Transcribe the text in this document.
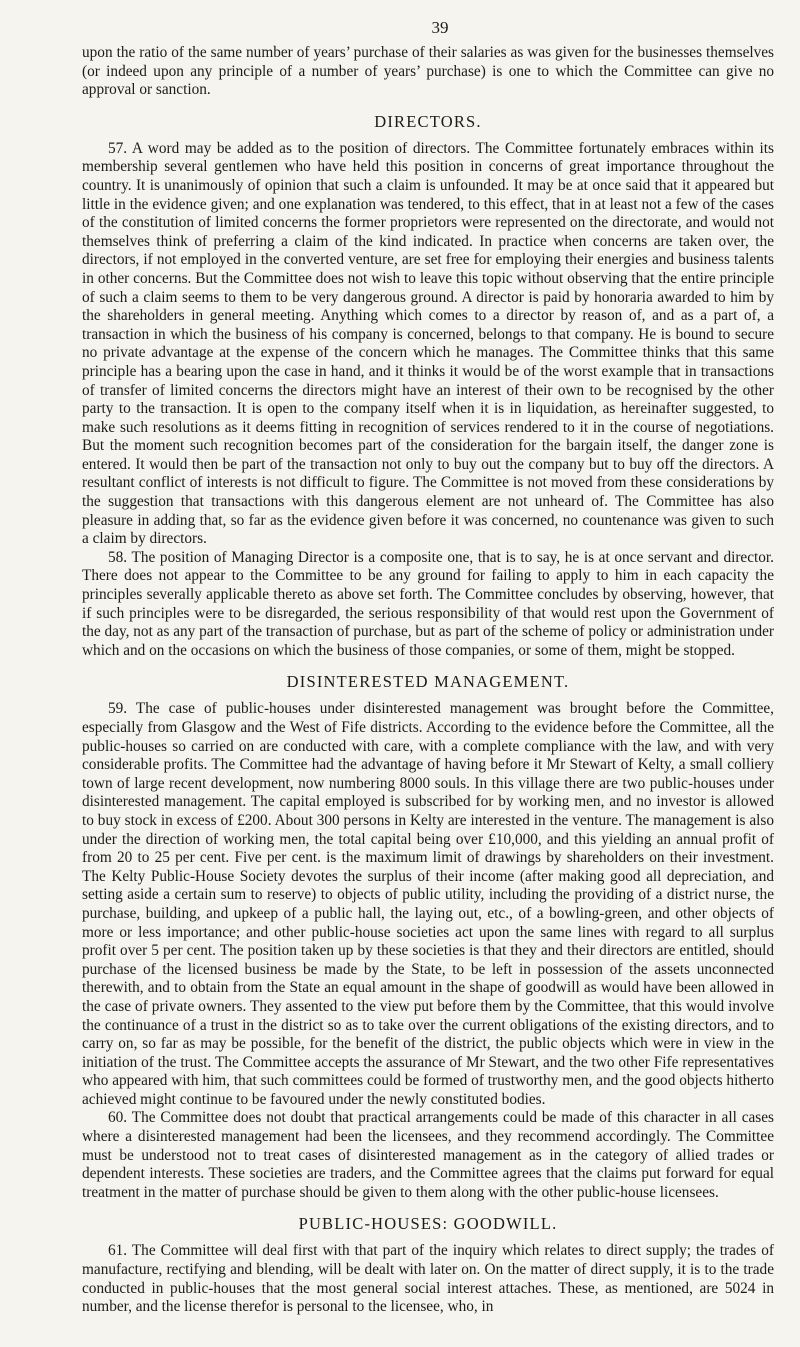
39

upon the ratio of the same number of years’ purchase of their salaries as was given for the businesses themselves (or indeed upon any principle of a number of years’ purchase) is one to which the Committee can give no approval or sanction.

DIRECTORS.

57. A word may be added as to the position of directors. The Committee fortunately embraces within its membership several gentlemen who have held this position in concerns of great importance throughout the country. It is unanimously of opinion that such a claim is unfounded. It may be at once said that it appeared but little in the evidence given; and one explanation was tendered, to this effect, that in at least not a few of the cases of the constitution of limited concerns the former proprietors were represented on the directorate, and would not themselves think of preferring a claim of the kind indicated. In practice when concerns are taken over, the directors, if not employed in the converted venture, are set free for employing their energies and business talents in other concerns. But the Committee does not wish to leave this topic without observing that the entire principle of such a claim seems to them to be very dangerous ground. A director is paid by honoraria awarded to him by the shareholders in general meeting. Anything which comes to a director by reason of, and as a part of, a transaction in which the business of his company is concerned, belongs to that company. He is bound to secure no private advantage at the expense of the concern which he manages. The Committee thinks that this same principle has a bearing upon the case in hand, and it thinks it would be of the worst example that in transactions of transfer of limited concerns the directors might have an interest of their own to be recognised by the other party to the transaction. It is open to the company itself when it is in liquidation, as hereinafter suggested, to make such resolutions as it deems fitting in recognition of services rendered to it in the course of negotiations. But the moment such recognition becomes part of the consideration for the bargain itself, the danger zone is entered. It would then be part of the transaction not only to buy out the company but to buy off the directors. A resultant conflict of interests is not difficult to figure. The Committee is not moved from these considerations by the suggestion that transactions with this dangerous element are not unheard of. The Committee has also pleasure in adding that, so far as the evidence given before it was concerned, no countenance was given to such a claim by directors.

58. The position of Managing Director is a composite one, that is to say, he is at once servant and director. There does not appear to the Committee to be any ground for failing to apply to him in each capacity the principles severally applicable thereto as above set forth. The Committee concludes by observing, however, that if such principles were to be disregarded, the serious responsibility of that would rest upon the Government of the day, not as any part of the transaction of purchase, but as part of the scheme of policy or administration under which and on the occasions on which the business of those companies, or some of them, might be stopped.

DISINTERESTED MANAGEMENT.

59. The case of public-houses under disinterested management was brought before the Committee, especially from Glasgow and the West of Fife districts. According to the evidence before the Committee, all the public-houses so carried on are conducted with care, with a complete compliance with the law, and with very considerable profits. The Committee had the advantage of having before it Mr Stewart of Kelty, a small colliery town of large recent development, now numbering 8000 souls. In this village there are two public-houses under disinterested management. The capital employed is subscribed for by working men, and no investor is allowed to buy stock in excess of £200. About 300 persons in Kelty are interested in the venture. The management is also under the direction of working men, the total capital being over £10,000, and this yielding an annual profit of from 20 to 25 per cent. Five per cent. is the maximum limit of drawings by shareholders on their investment. The Kelty Public-House Society devotes the surplus of their income (after making good all depreciation, and setting aside a certain sum to reserve) to objects of public utility, including the providing of a district nurse, the purchase, building, and upkeep of a public hall, the laying out, etc., of a bowling-green, and other objects of more or less importance; and other public-house societies act upon the same lines with regard to all surplus profit over 5 per cent. The position taken up by these societies is that they and their directors are entitled, should purchase of the licensed business be made by the State, to be left in possession of the assets unconnected therewith, and to obtain from the State an equal amount in the shape of goodwill as would have been allowed in the case of private owners. They assented to the view put before them by the Committee, that this would involve the continuance of a trust in the district so as to take over the current obligations of the existing directors, and to carry on, so far as may be possible, for the benefit of the district, the public objects which were in view in the initiation of the trust. The Committee accepts the assurance of Mr Stewart, and the two other Fife representatives who appeared with him, that such committees could be formed of trustworthy men, and the good objects hitherto achieved might continue to be favoured under the newly constituted bodies.

60. The Committee does not doubt that practical arrangements could be made of this character in all cases where a disinterested management had been the licensees, and they recommend accordingly. The Committee must be understood not to treat cases of disinterested management as in the category of allied trades or dependent interests. These societies are traders, and the Committee agrees that the claims put forward for equal treatment in the matter of purchase should be given to them along with the other public-house licensees.

PUBLIC-HOUSES: GOODWILL.

61. The Committee will deal first with that part of the inquiry which relates to direct supply; the trades of manufacture, rectifying and blending, will be dealt with later on. On the matter of direct supply, it is to the trade conducted in public-houses that the most general social interest attaches. These, as mentioned, are 5024 in number, and the license therefor is personal to the licensee, who, in
